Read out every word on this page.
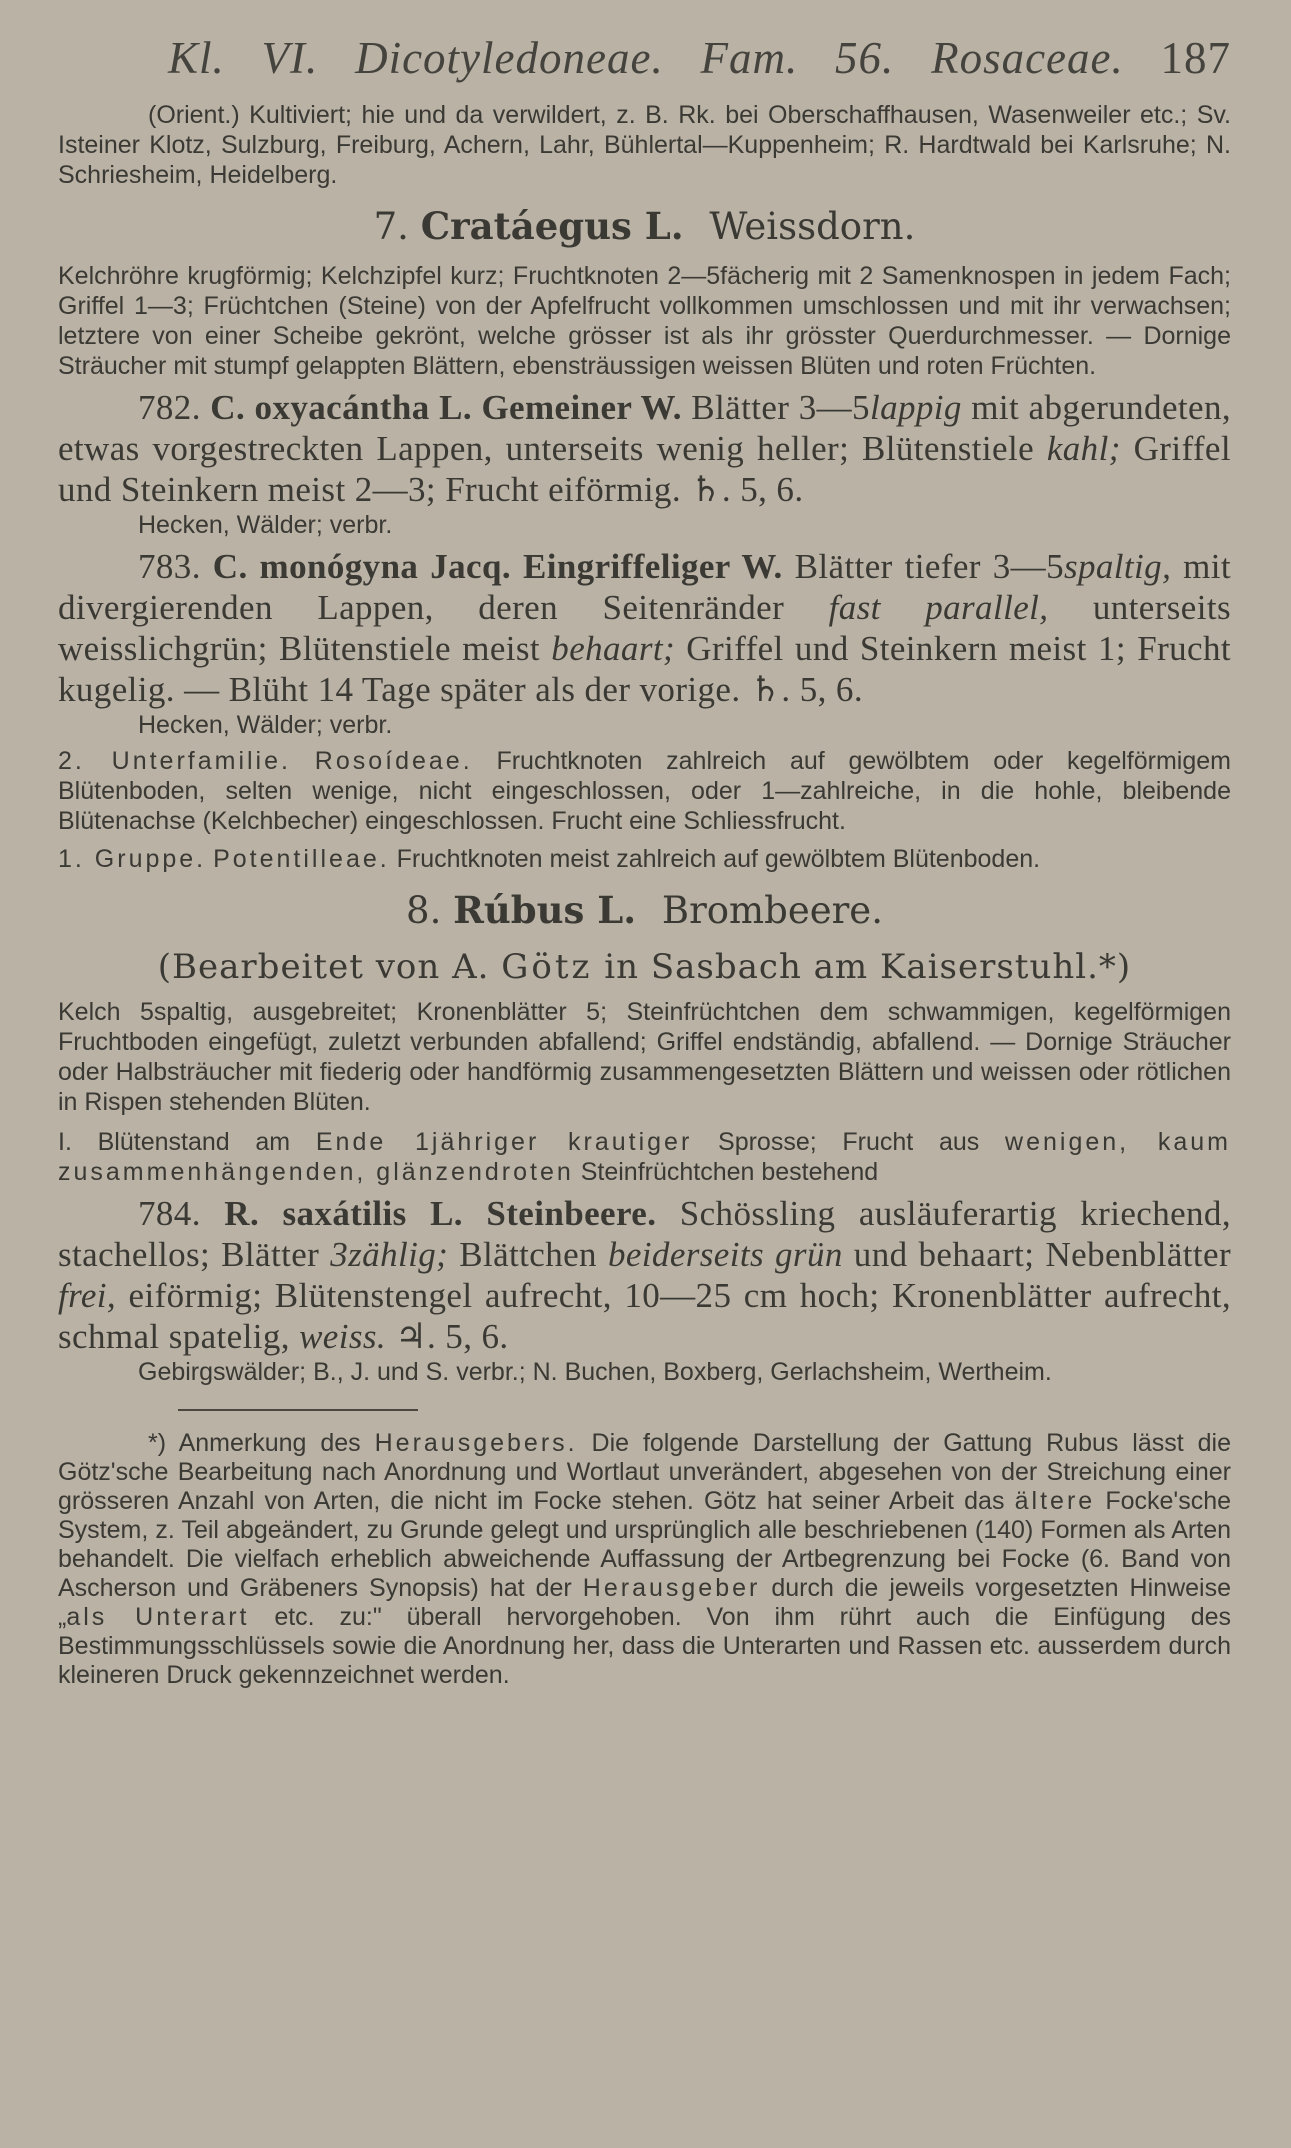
Kl. VI. Dicotyledoneae. Fam. 56. Rosaceae. 187

(Orient.) Kultiviert; hie und da verwildert, z. B. Rk. bei Oberschaffhausen, Wasenweiler etc.; Sv. Isteiner Klotz, Sulzburg, Freiburg, Achern, Lahr, Bühlertal—Kuppenheim; R. Hardtwald bei Karlsruhe; N. Schriesheim, Heidelberg.

7. Cratáegus L. Weissdorn.

Kelchröhre krugförmig; Kelchzipfel kurz; Fruchtknoten 2—5fächerig mit 2 Samenknospen in jedem Fach; Griffel 1—3; Früchtchen (Steine) von der Apfelfrucht vollkommen umschlossen und mit ihr verwachsen; letztere von einer Scheibe gekrönt, welche grösser ist als ihr grösster Querdurchmesser. — Dornige Sträucher mit stumpf gelappten Blättern, ebensträussigen weissen Blüten und roten Früchten.

782. C. oxyacántha L. Gemeiner W. Blätter 3—5lappig mit abgerundeten, etwas vorgestreckten Lappen, unterseits wenig heller; Blütenstiele kahl; Griffel und Steinkern meist 2—3; Frucht eiförmig. ♄. 5, 6.

Hecken, Wälder; verbr.

783. C. monógyna Jacq. Eingriffeliger W. Blätter tiefer 3—5spaltig, mit divergierenden Lappen, deren Seitenränder fast parallel, unterseits weisslichgrün; Blütenstiele meist behaart; Griffel und Steinkern meist 1; Frucht kugelig. — Blüht 14 Tage später als der vorige. ♄. 5, 6.

Hecken, Wälder; verbr.

2. Unterfamilie. Rosoídeae. Fruchtknoten zahlreich auf gewölbtem oder kegelförmigem Blütenboden, selten wenige, nicht eingeschlossen, oder 1—zahlreiche, in die hohle, bleibende Blütenachse (Kelchbecher) eingeschlossen. Frucht eine Schliessfrucht.

1. Gruppe. Potentilleae. Fruchtknoten meist zahlreich auf gewölbtem Blütenboden.

8. Rúbus L. Brombeere.

(Bearbeitet von A. Götz in Sasbach am Kaiserstuhl.*)

Kelch 5spaltig, ausgebreitet; Kronenblätter 5; Steinfrüchtchen dem schwammigen, kegelförmigen Fruchtboden eingefügt, zuletzt verbunden abfallend; Griffel endständig, abfallend. — Dornige Sträucher oder Halbsträucher mit fiederig oder handförmig zusammengesetzten Blättern und weissen oder rötlichen in Rispen stehenden Blüten.

I. Blütenstand am Ende 1jähriger krautiger Sprosse; Frucht aus wenigen, kaum zusammenhängenden, glänzendroten Steinfrüchtchen bestehend

784. R. saxátilis L. Steinbeere. Schössling ausläuferartig kriechend, stachellos; Blätter 3zählig; Blättchen beiderseits grün und behaart; Nebenblätter frei, eiförmig; Blütenstengel aufrecht, 10—25 cm hoch; Kronenblätter aufrecht, schmal spatelig, weiss. ♃. 5, 6.

Gebirgswälder; B., J. und S. verbr.; N. Buchen, Boxberg, Gerlachsheim, Wertheim.

*) Anmerkung des Herausgebers. Die folgende Darstellung der Gattung Rubus lässt die Götz'sche Bearbeitung nach Anordnung und Wortlaut unverändert, abgesehen von der Streichung einer grösseren Anzahl von Arten, die nicht im Focke stehen. Götz hat seiner Arbeit das ältere Focke'sche System, z. Teil abgeändert, zu Grunde gelegt und ursprünglich alle beschriebenen (140) Formen als Arten behandelt. Die vielfach erheblich abweichende Auffassung der Artbegrenzung bei Focke (6. Band von Ascherson und Gräbeners Synopsis) hat der Herausgeber durch die jeweils vorgesetzten Hinweise „als Unterart etc. zu:" überall hervorgehoben. Von ihm rührt auch die Einfügung des Bestimmungsschlüssels sowie die Anordnung her, dass die Unterarten und Rassen etc. ausserdem durch kleineren Druck gekennzeichnet werden.
